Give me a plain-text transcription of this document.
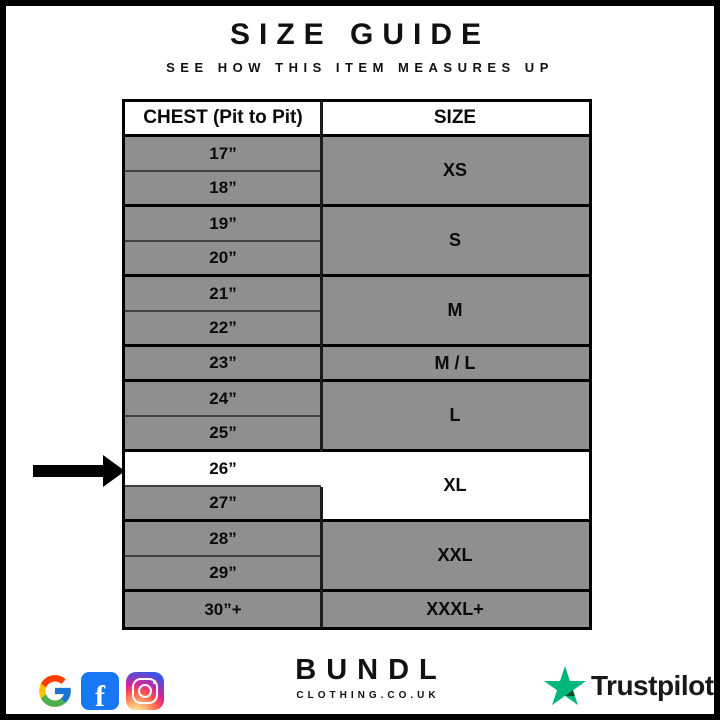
SIZE GUIDE
SEE HOW THIS ITEM MEASURES UP
CHEST (Pit to Pit)	SIZE
17”
18”
19”
20”
21”
22”
23”
24”
25”
26”
27”
28”
29”
30”+
XS
S
M
M / L
L
XL
XXL
XXXL+
f
BUNDL
CLOTHING.CO.UK	Trustpilot
